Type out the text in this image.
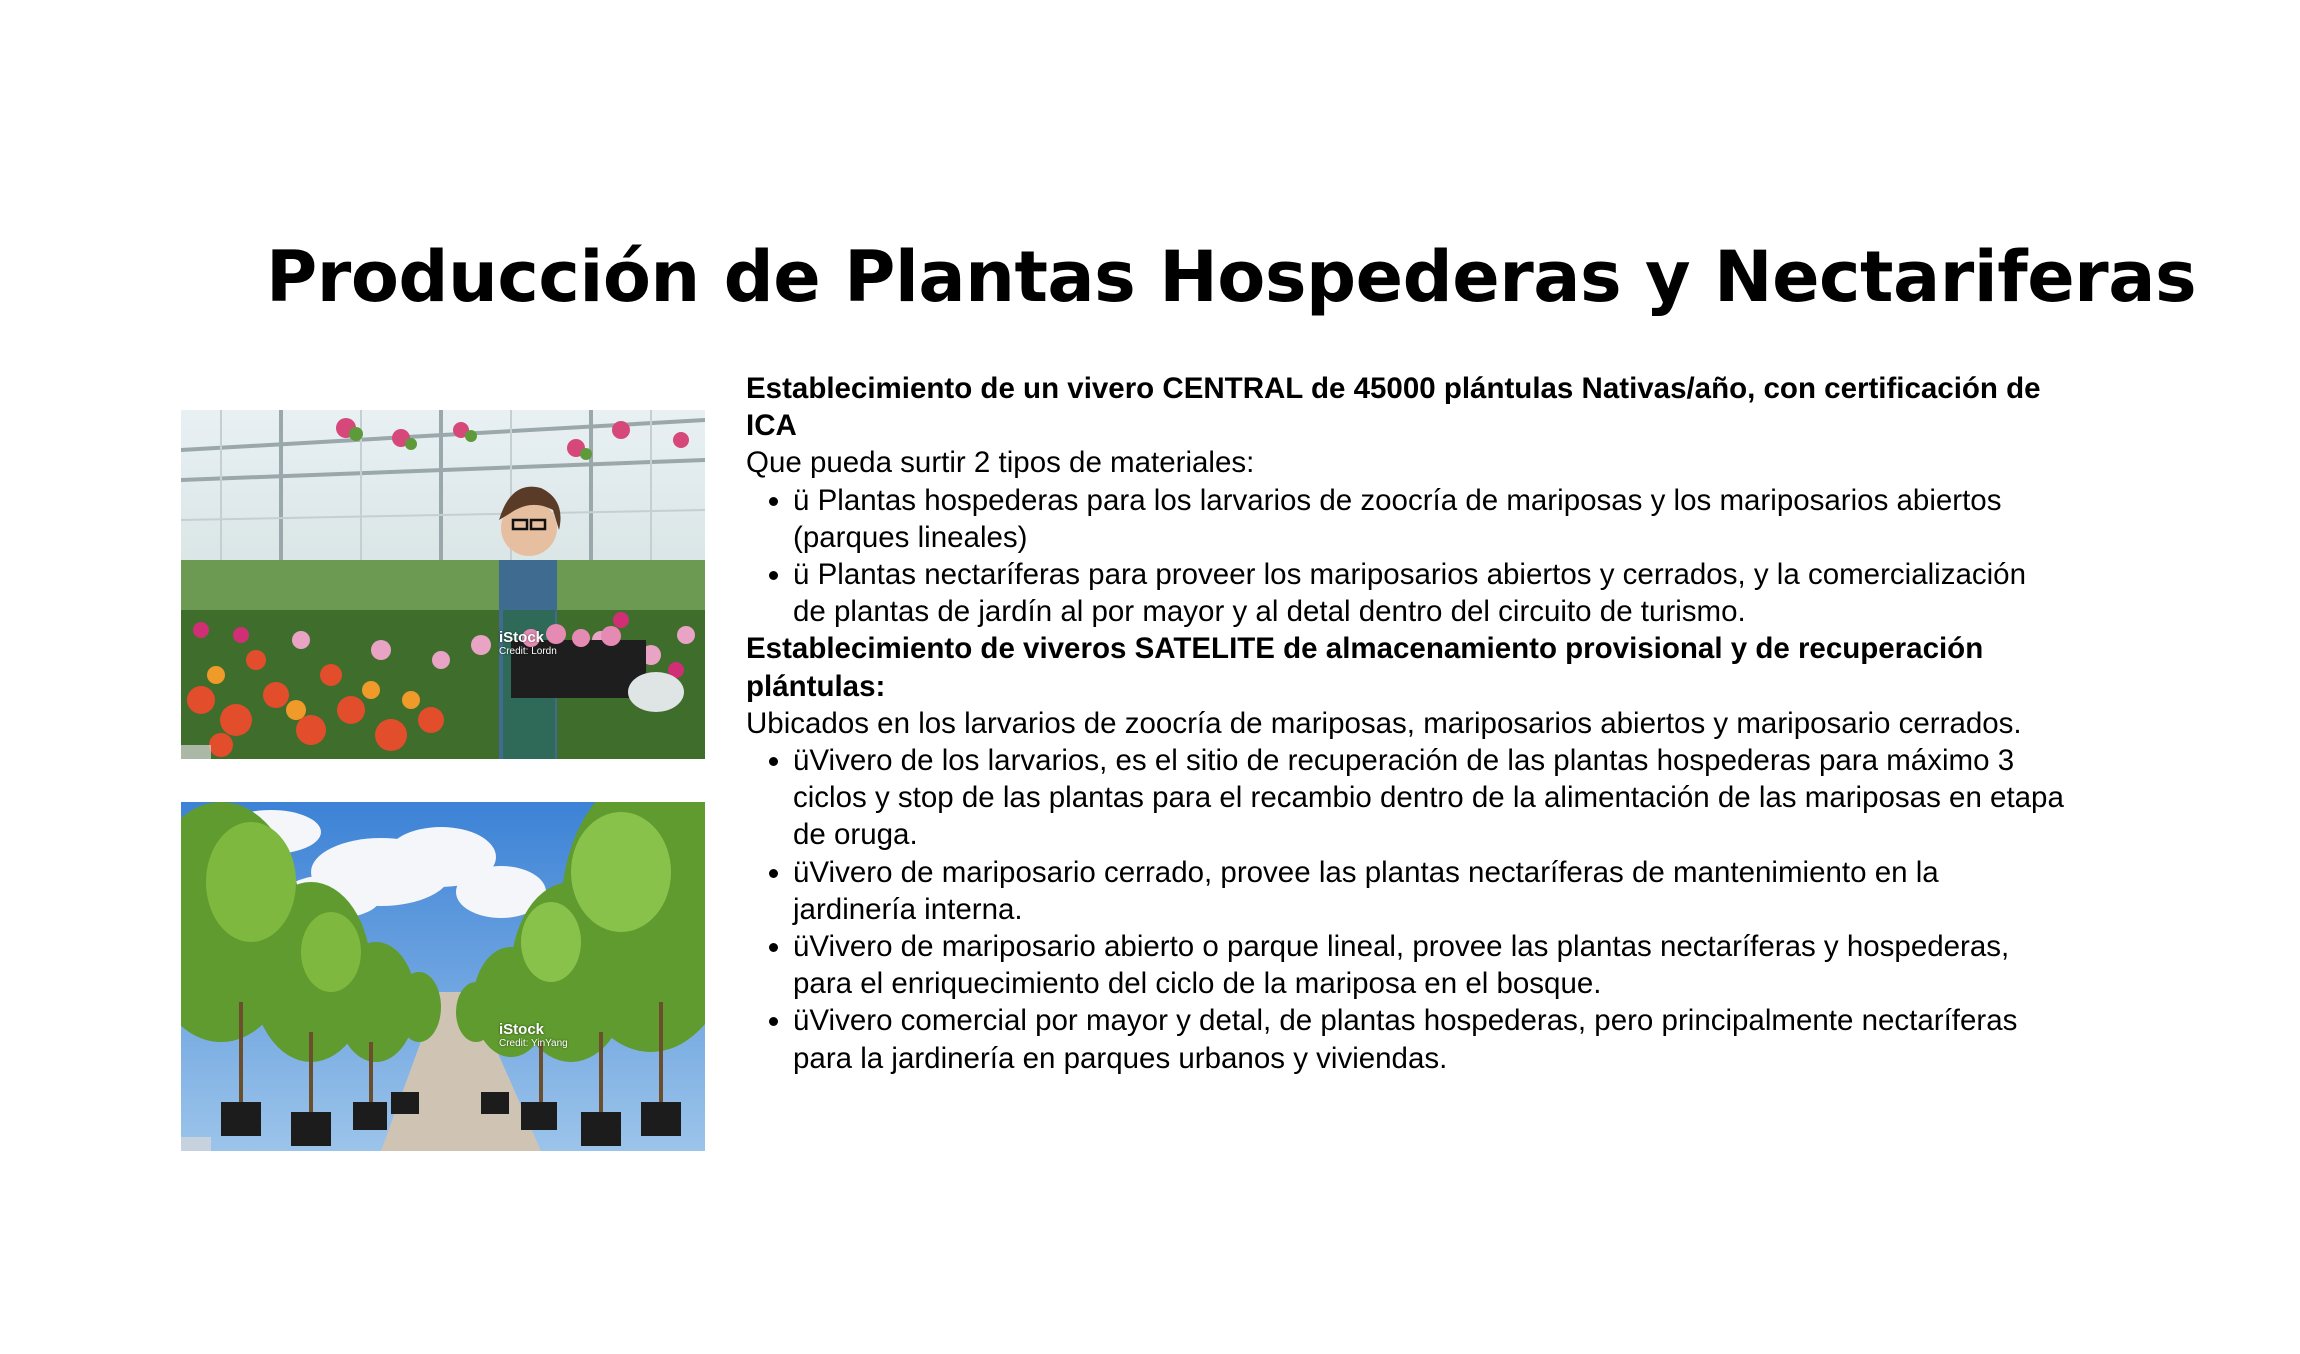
Producción de Plantas Hospederas y Nectariferas
iStock
Credit: Lordn
iStock
Credit: YinYang

Establecimiento de un vivero CENTRAL de 45000 plántulas Nativas/año, con certificación de ICA

Que pueda surtir 2 tipos de materiales:

• ü Plantas hospederas para los larvarios de zoocría de mariposas y los mariposarios abiertos (parques lineales)
• ü Plantas nectaríferas para proveer los mariposarios abiertos y cerrados, y la comercialización de plantas de jardín al por mayor y al detal dentro del circuito de turismo.

Establecimiento de viveros SATELITE de almacenamiento provisional y de recuperación plántulas:

Ubicados en los larvarios de zoocría de mariposas, mariposarios abiertos y mariposario cerrados.

• üVivero de los larvarios, es el sitio de recuperación de las plantas hospederas para máximo 3 ciclos y stop de las plantas para el recambio dentro de la alimentación de las mariposas en etapa de oruga.
• üVivero de mariposario cerrado, provee las plantas nectaríferas de mantenimiento en la jardinería interna.
• üVivero de mariposario abierto o parque lineal, provee las plantas nectaríferas y hospederas, para el enriquecimiento del ciclo de la mariposa en el bosque.
• üVivero comercial por mayor y detal, de plantas hospederas, pero principalmente nectaríferas para la jardinería en parques urbanos y viviendas.
